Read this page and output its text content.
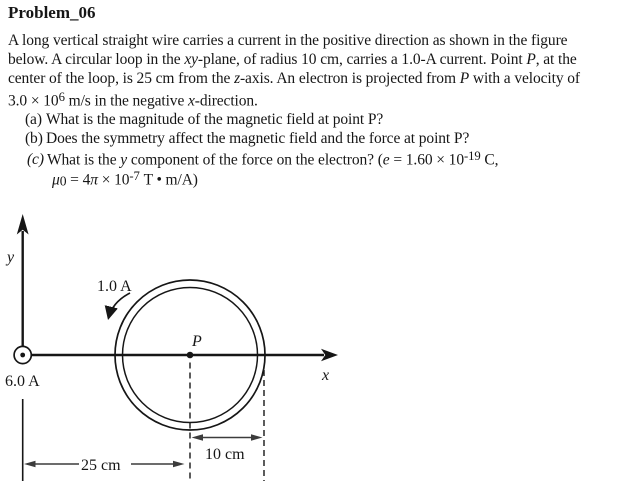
Problem_06
A long vertical straight wire carries a current in the positive direction as shown in the figure
below. A circular loop in the xy-plane, of radius 10 cm, carries a 1.0-A current. Point P, at the
center of the loop, is 25 cm from the z-axis. An electron is projected from P with a velocity of
$3.0 \times 10^6$ m/s in the negative x-direction.
(a) What is the magnitude of the magnetic field at point P?
(b) Does the symmetry affect the magnetic field and the force at point P?
(c) What is the y component of the force on the electron? ($e = 1.60 \times 10^{-19}$ C,
$\mu_0 = 4\pi \times 10^{-7}$ T • m/A)
y
x
6.0 A
P
1.0 A
10 cm
25 cm
